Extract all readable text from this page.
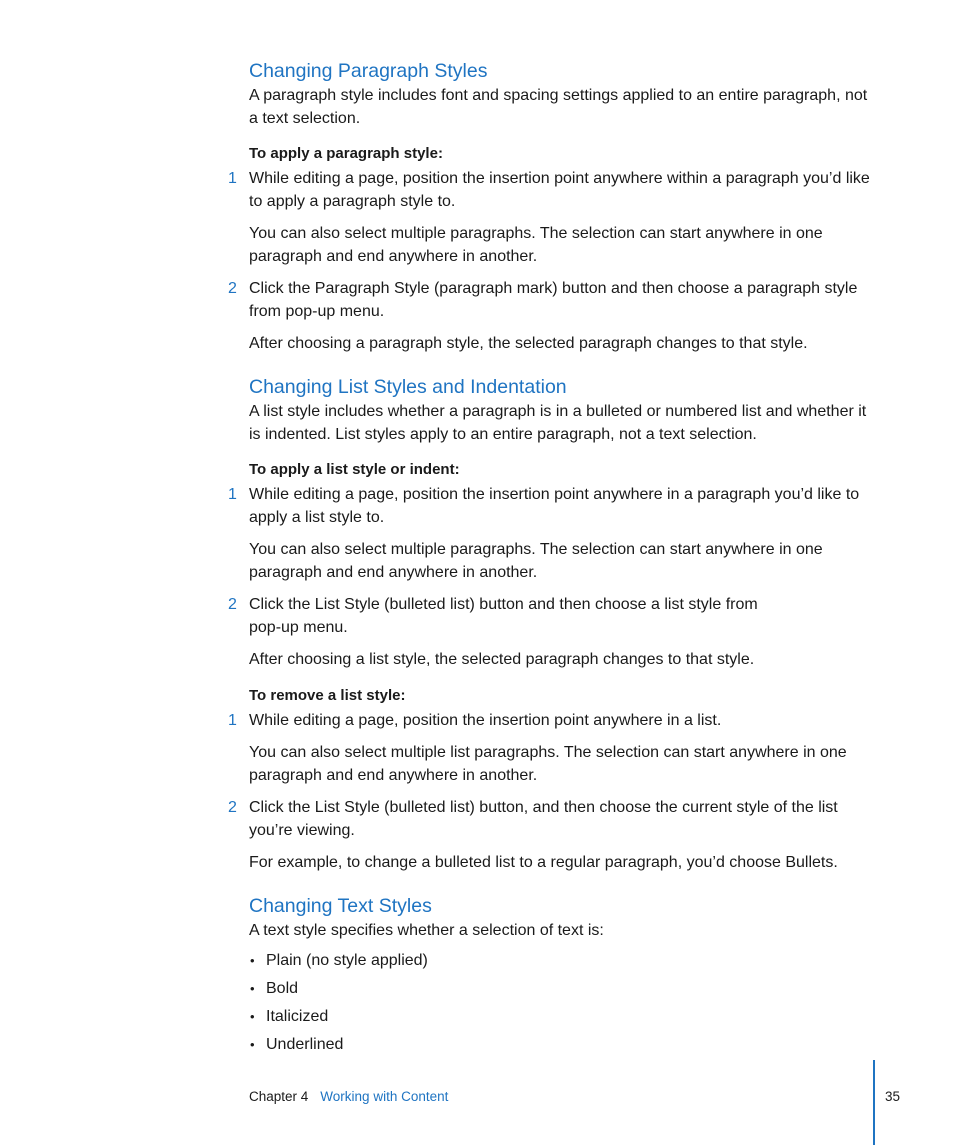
Changing Paragraph Styles

A paragraph style includes font and spacing settings applied to an entire paragraph, not a text selection.

To apply a paragraph style:

1 While editing a page, position the insertion point anywhere within a paragraph you’d like to apply a paragraph style to.

You can also select multiple paragraphs. The selection can start anywhere in one paragraph and end anywhere in another.

2 Click the Paragraph Style (paragraph mark) button and then choose a paragraph style from pop-up menu.

After choosing a paragraph style, the selected paragraph changes to that style.

Changing List Styles and Indentation

A list style includes whether a paragraph is in a bulleted or numbered list and whether it is indented. List styles apply to an entire paragraph, not a text selection.

To apply a list style or indent:

1 While editing a page, position the insertion point anywhere in a paragraph you’d like to apply a list style to.

You can also select multiple paragraphs. The selection can start anywhere in one paragraph and end anywhere in another.

2 Click the List Style (bulleted list) button and then choose a list style from pop-up menu.

After choosing a list style, the selected paragraph changes to that style.

To remove a list style:

1 While editing a page, position the insertion point anywhere in a list.

You can also select multiple list paragraphs. The selection can start anywhere in one paragraph and end anywhere in another.

2 Click the List Style (bulleted list) button, and then choose the current style of the list you’re viewing.

For example, to change a bulleted list to a regular paragraph, you’d choose Bullets.

Changing Text Styles

A text style specifies whether a selection of text is:

• Plain (no style applied)
• Bold
• Italicized
• Underlined
Chapter 4 Working with Content	35
